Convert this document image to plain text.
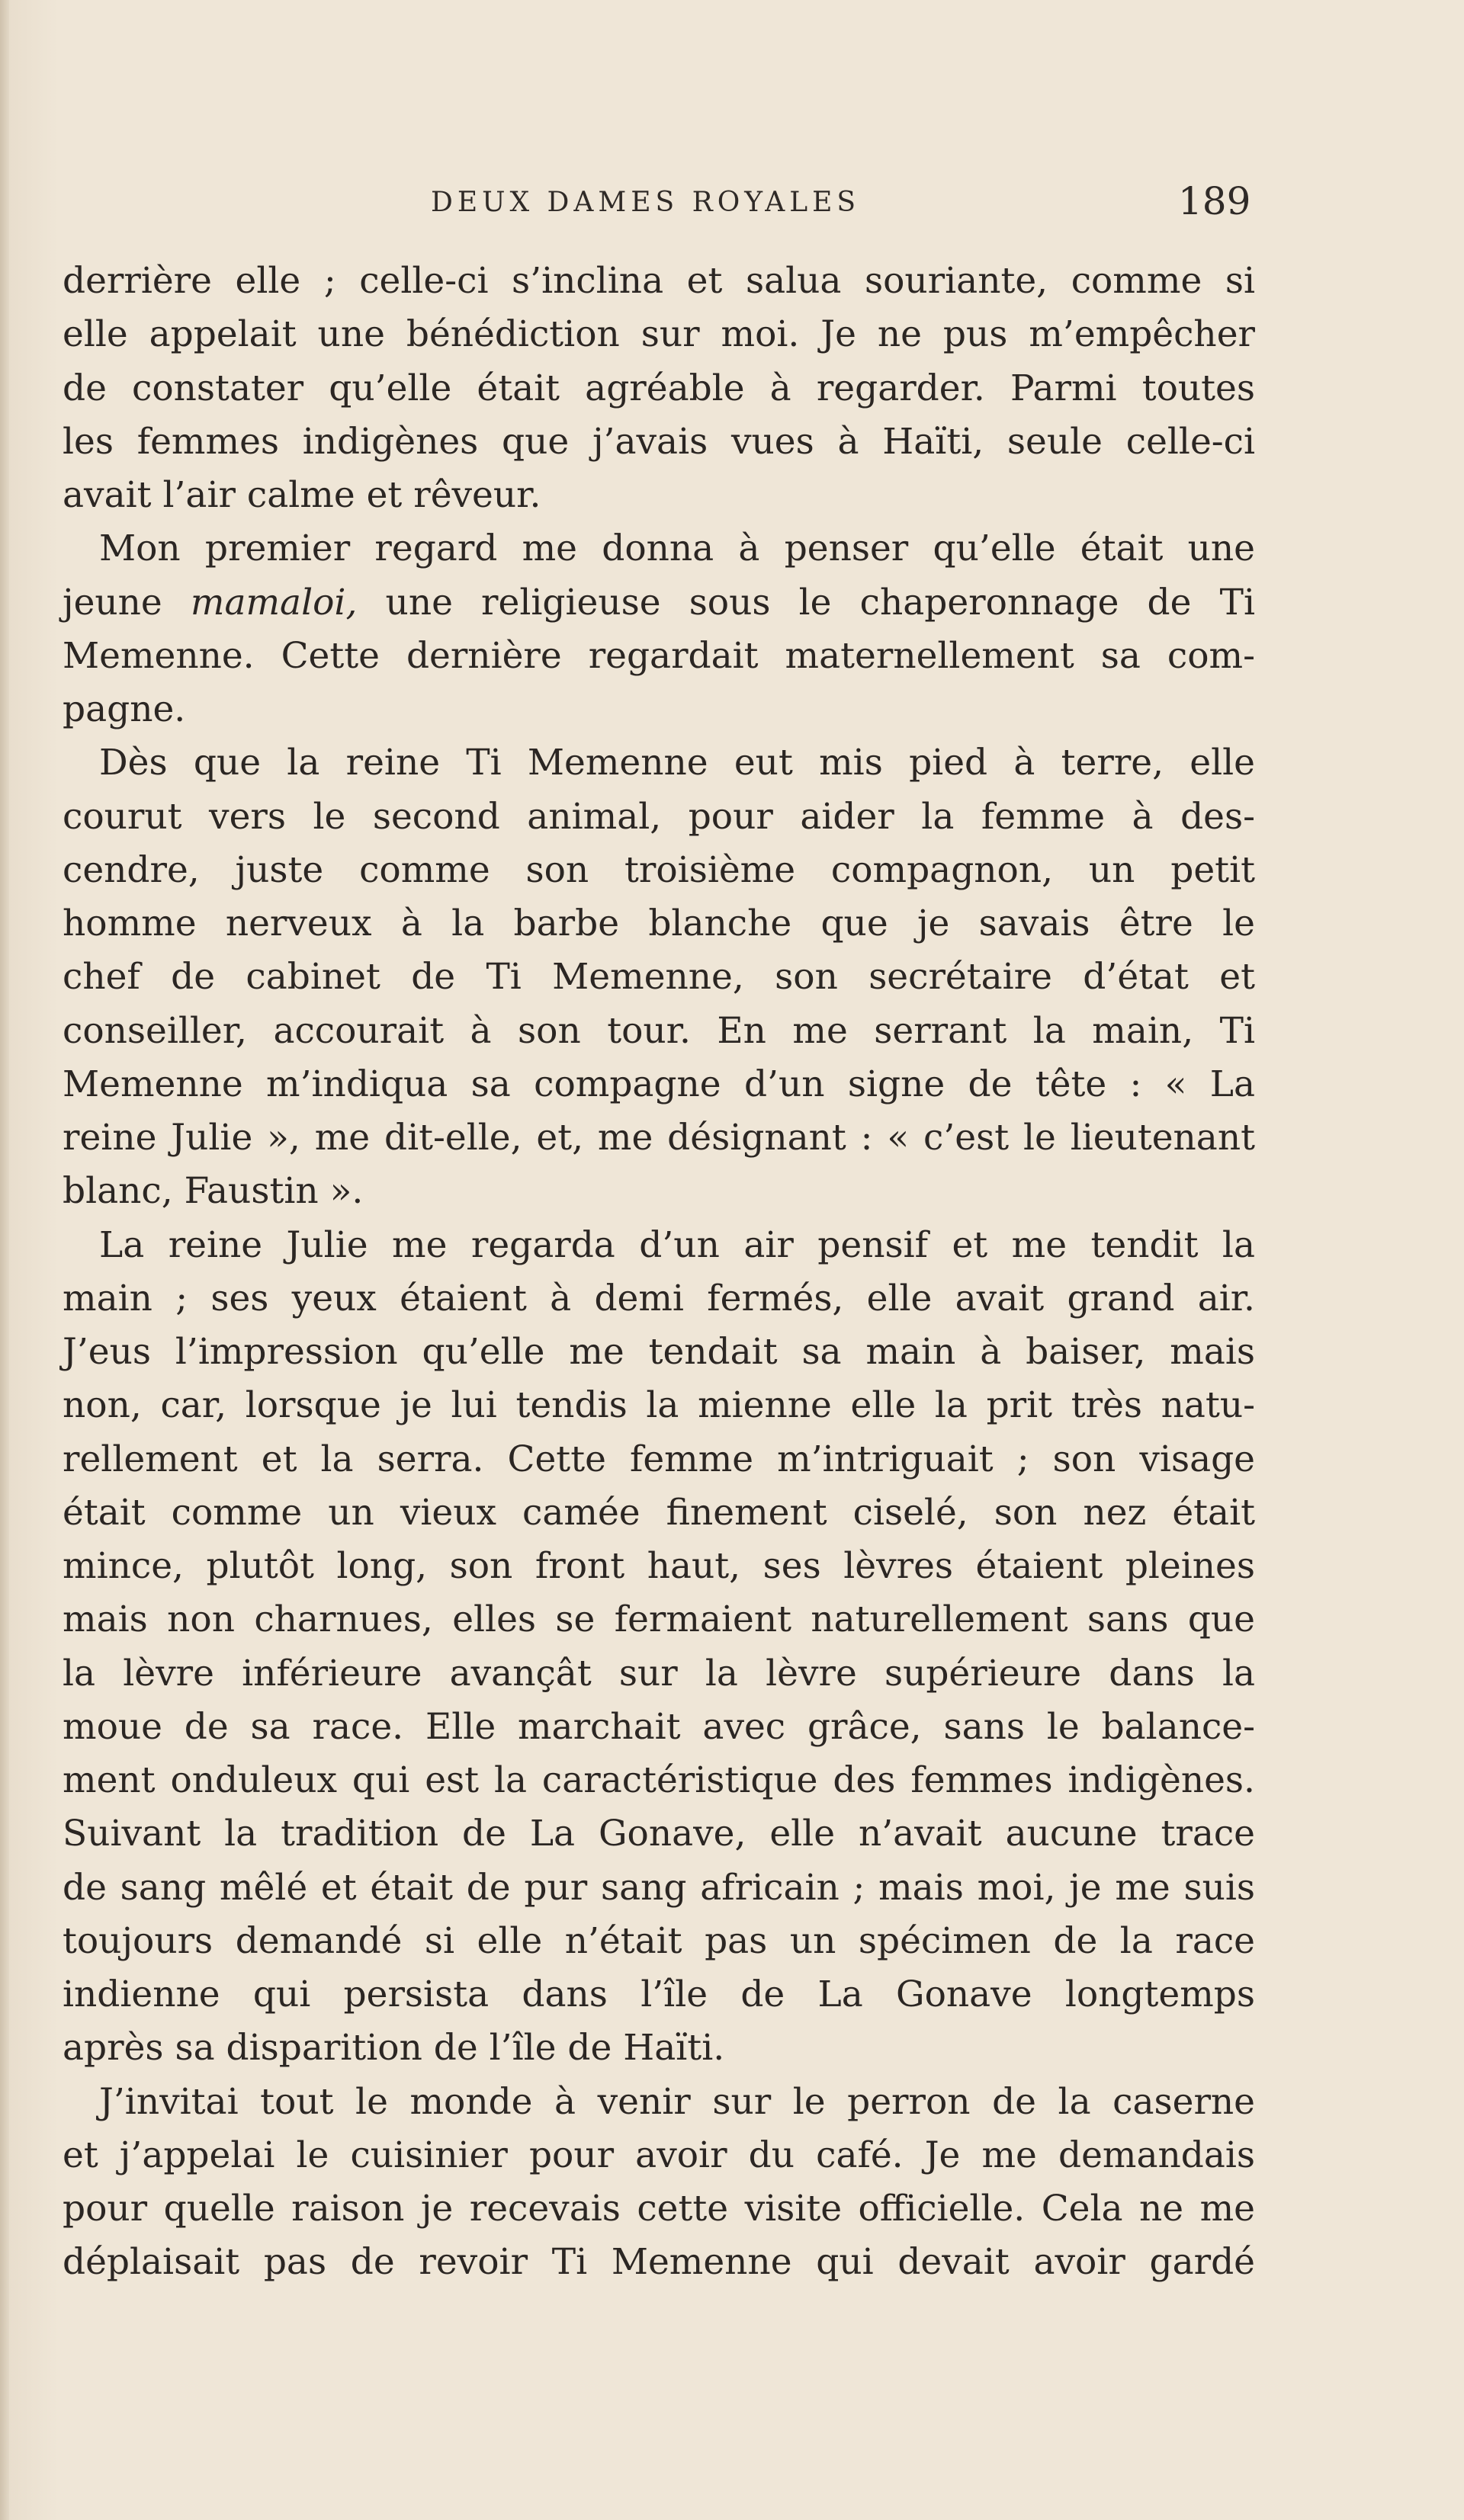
DEUX DAMES ROYALES	189
derrière elle ; celle-ci s’inclina et salua souriante, comme si
elle appelait une bénédiction sur moi. Je ne pus m’empêcher
de constater qu’elle était agréable à regarder. Parmi toutes
les femmes indigènes que j’avais vues à Haïti, seule celle-ci
avait l’air calme et rêveur.
Mon premier regard me donna à penser qu’elle était une
jeune mamaloi, une religieuse sous le chaperonnage de Ti
Memenne. Cette dernière regardait maternellement sa com-
pagne.
Dès que la reine Ti Memenne eut mis pied à terre, elle
courut vers le second animal, pour aider la femme à des-
cendre, juste comme son troisième compagnon, un petit
homme nerveux à la barbe blanche que je savais être le
chef de cabinet de Ti Memenne, son secrétaire d’état et
conseiller, accourait à son tour. En me serrant la main, Ti
Memenne m’indiqua sa compagne d’un signe de tête : « La
reine Julie », me dit-elle, et, me désignant : « c’est le lieutenant
blanc, Faustin ».
La reine Julie me regarda d’un air pensif et me tendit la
main ; ses yeux étaient à demi fermés, elle avait grand air.
J’eus l’impression qu’elle me tendait sa main à baiser, mais
non, car, lorsque je lui tendis la mienne elle la prit très natu-
rellement et la serra. Cette femme m’intriguait ; son visage
était comme un vieux camée finement ciselé, son nez était
mince, plutôt long, son front haut, ses lèvres étaient pleines
mais non charnues, elles se fermaient naturellement sans que
la lèvre inférieure avançât sur la lèvre supérieure dans la
moue de sa race. Elle marchait avec grâce, sans le balance-
ment onduleux qui est la caractéristique des femmes indigènes.
Suivant la tradition de La Gonave, elle n’avait aucune trace
de sang mêlé et était de pur sang africain ; mais moi, je me suis
toujours demandé si elle n’était pas un spécimen de la race
indienne qui persista dans l’île de La Gonave longtemps
après sa disparition de l’île de Haïti.
J’invitai tout le monde à venir sur le perron de la caserne
et j’appelai le cuisinier pour avoir du café. Je me demandais
pour quelle raison je recevais cette visite officielle. Cela ne me
déplaisait pas de revoir Ti Memenne qui devait avoir gardé
